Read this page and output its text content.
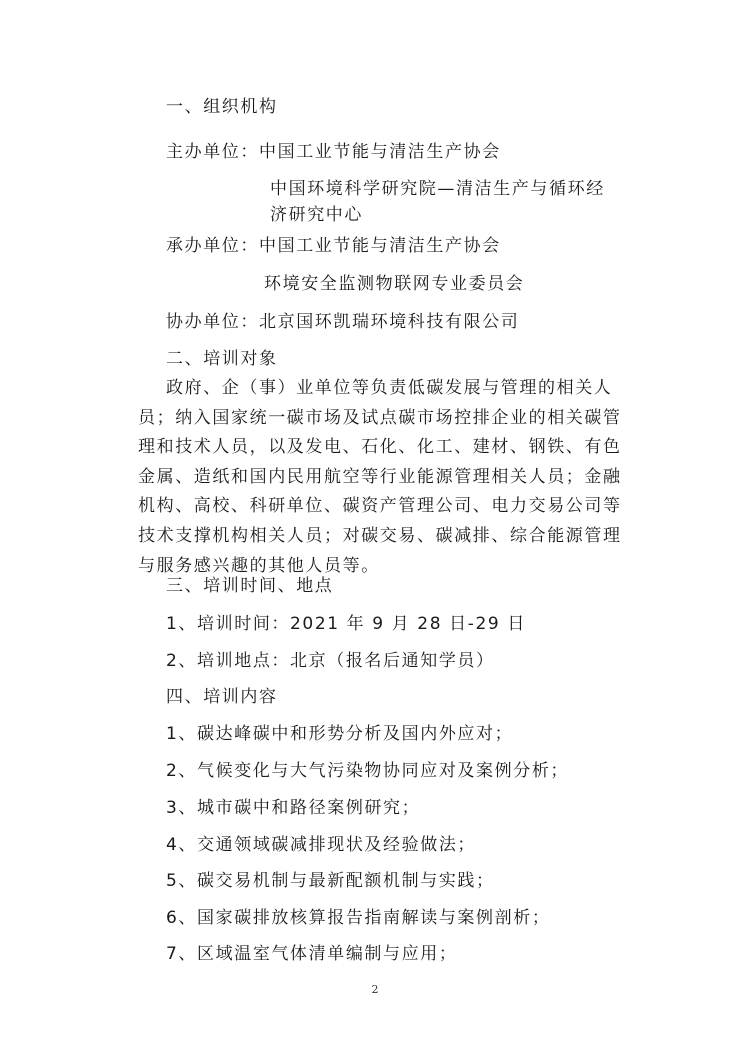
一、组织机构
主办单位：中国工业节能与清洁生产协会
中国环境科学研究院—清洁生产与循环经
济研究中心
承办单位：中国工业节能与清洁生产协会
环境安全监测物联网专业委员会
协办单位：北京国环凯瑞环境科技有限公司
二、培训对象
政府、企（事）业单位等负责低碳发展与管理的相关人
员；纳入国家统一碳市场及试点碳市场控排企业的相关碳管
理和技术人员，以及发电、石化、化工、建材、钢铁、有色
金属、造纸和国内民用航空等行业能源管理相关人员；金融
机构、高校、科研单位、碳资产管理公司、电力交易公司等
技术支撑机构相关人员；对碳交易、碳减排、综合能源管理
与服务感兴趣的其他人员等。
三、培训时间、地点
1、培训时间：2021 年 9 月 28 日-29 日
2、培训地点：北京（报名后通知学员）
四、培训内容
1、碳达峰碳中和形势分析及国内外应对；
2、气候变化与大气污染物协同应对及案例分析；
3、城市碳中和路径案例研究；
4、交通领域碳减排现状及经验做法；
5、碳交易机制与最新配额机制与实践；
6、国家碳排放核算报告指南解读与案例剖析；
7、区域温室气体清单编制与应用；
2
